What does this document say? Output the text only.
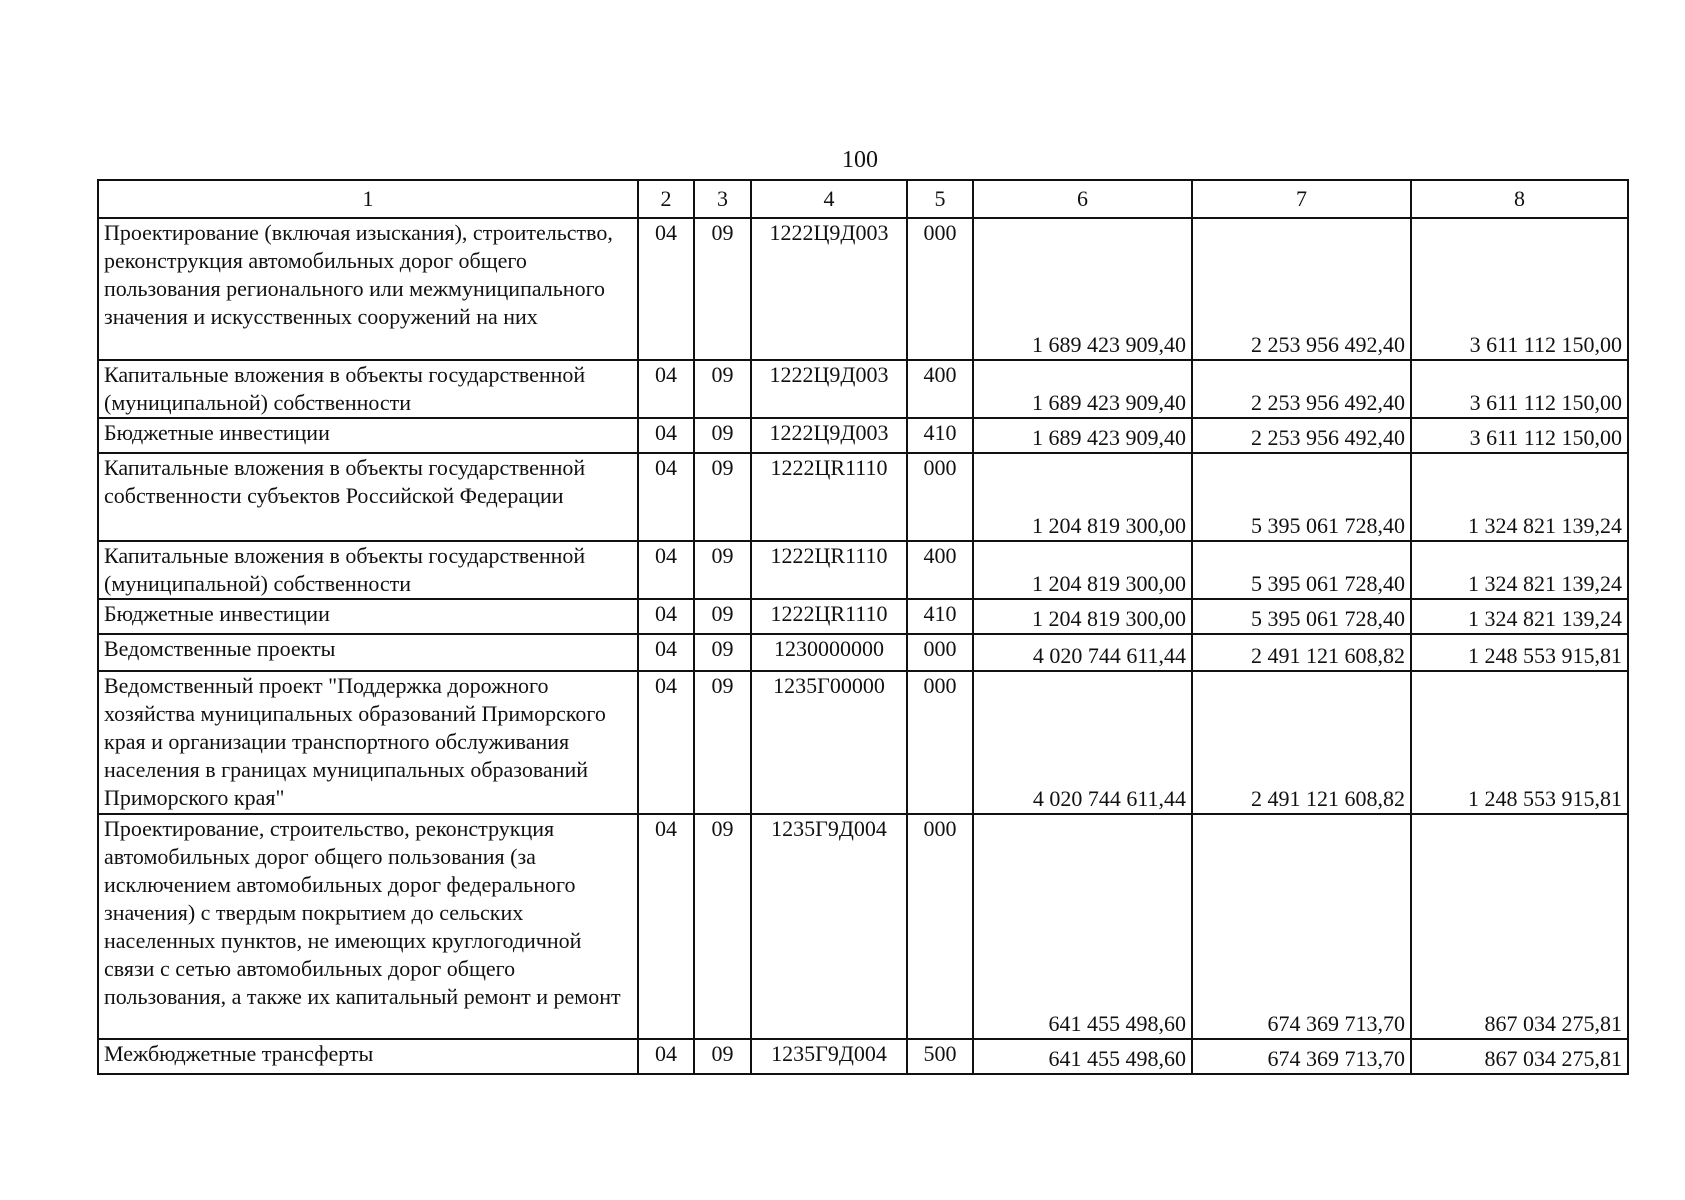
100
1	2	3	4	5	6	7	8
Проектирование (включая изыскания), строительство, реконструкция автомобильных дорог общего пользования регионального или межмуниципального значения и искусственных сооружений на них	04	09	1222Ц9Д003	000	1 689 423 909,40	2 253 956 492,40	3 611 112 150,00
Капитальные вложения в объекты государственной (муниципальной) собственности	04	09	1222Ц9Д003	400	1 689 423 909,40	2 253 956 492,40	3 611 112 150,00
Бюджетные инвестиции	04	09	1222Ц9Д003	410	1 689 423 909,40	2 253 956 492,40	3 611 112 150,00
Капитальные вложения в объекты государственной собственности субъектов Российской Федерации	04	09	1222ЦR1110	000	1 204 819 300,00	5 395 061 728,40	1 324 821 139,24
Капитальные вложения в объекты государственной (муниципальной) собственности	04	09	1222ЦR1110	400	1 204 819 300,00	5 395 061 728,40	1 324 821 139,24
Бюджетные инвестиции	04	09	1222ЦR1110	410	1 204 819 300,00	5 395 061 728,40	1 324 821 139,24
Ведомственные проекты	04	09	1230000000	000	4 020 744 611,44	2 491 121 608,82	1 248 553 915,81
Ведомственный проект "Поддержка дорожного хозяйства муниципальных образований Приморского края и организации транспортного обслуживания населения в границах муниципальных образований Приморского края"	04	09	1235Г00000	000	4 020 744 611,44	2 491 121 608,82	1 248 553 915,81
Проектирование, строительство, реконструкция автомобильных дорог общего пользования (за исключением автомобильных дорог федерального значения) с твердым покрытием до сельских населенных пунктов, не имеющих круглогодичной связи с сетью автомобильных дорог общего пользования, а также их капитальный ремонт и ремонт	04	09	1235Г9Д004	000	641 455 498,60	674 369 713,70	867 034 275,81
Межбюджетные трансферты	04	09	1235Г9Д004	500	641 455 498,60	674 369 713,70	867 034 275,81
